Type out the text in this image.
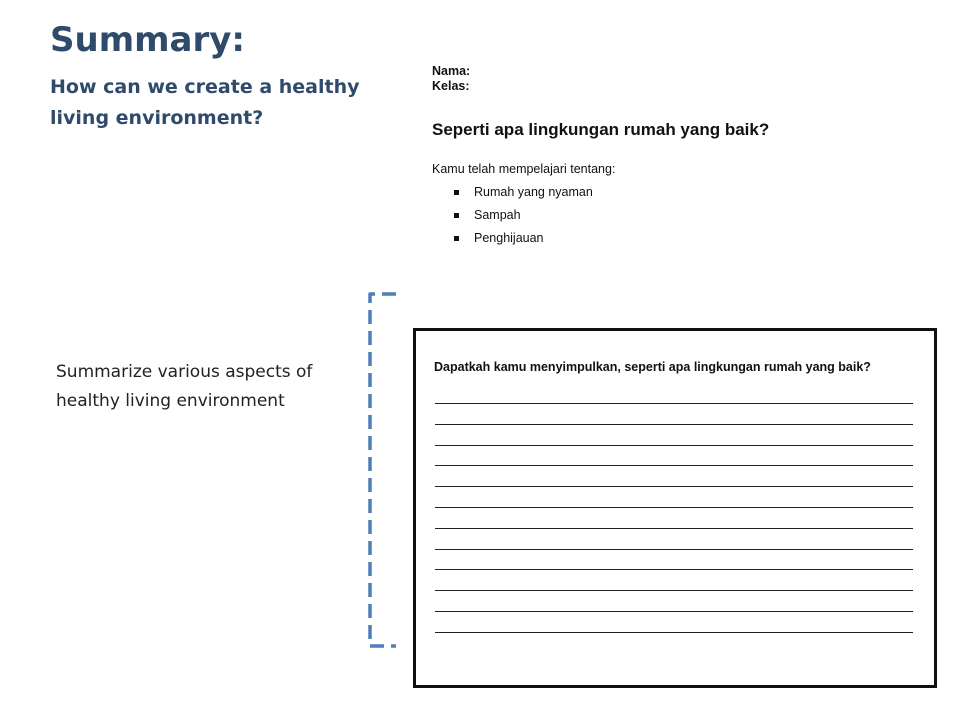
Summary:
How can we create a healthy living environment?
Summarize various aspects of healthy living environment
Nama:
Kelas:
Seperti apa lingkungan rumah yang baik?
Kamu telah mempelajari tentang:
Rumah yang nyaman
Sampah
Penghijauan
Dapatkah kamu menyimpulkan, seperti apa lingkungan rumah yang baik?
